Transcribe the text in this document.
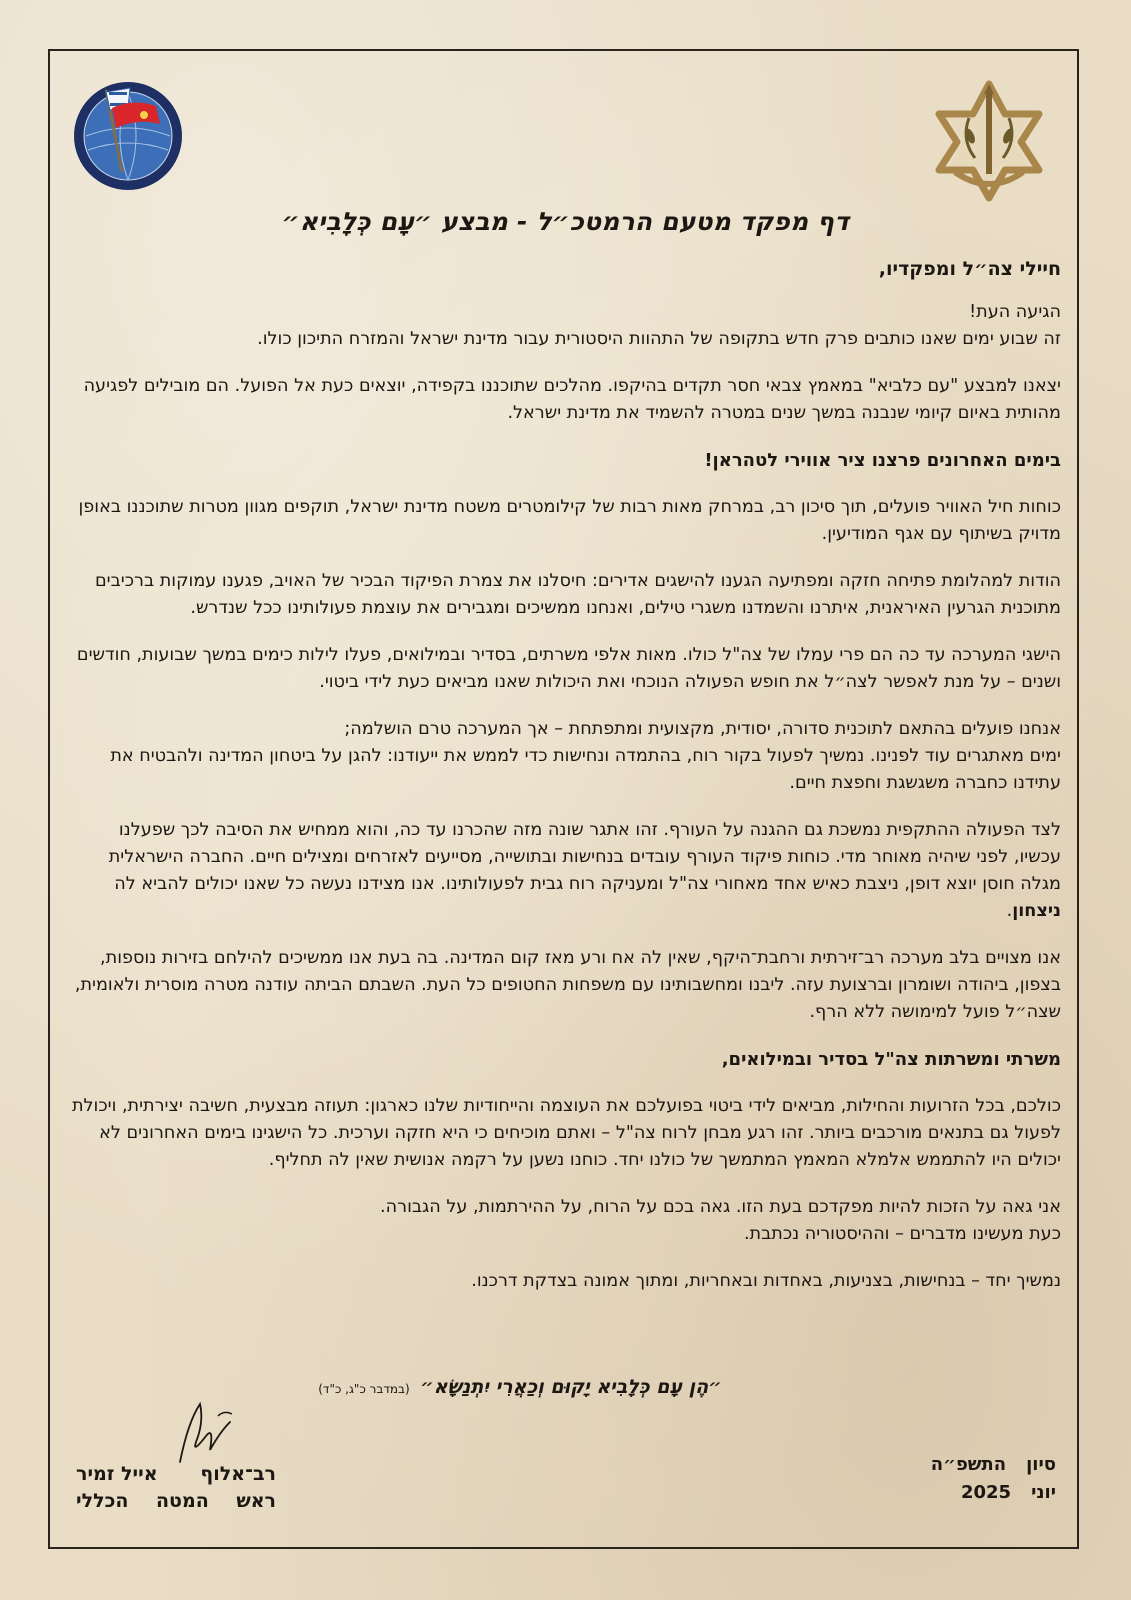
דף מפקד מטעם הרמטכ״ל - מבצע ״עָם כְּלָבִיא״

חיילי צה״ל ומפקדיו,

הגיעה העת!
זה שבוע ימים שאנו כותבים פרק חדש בתקופה של התהוות היסטורית עבור מדינת ישראל והמזרח התיכון כולו.

יצאנו למבצע "עם כלביא" במאמץ צבאי חסר תקדים בהיקפו. מהלכים שתוכננו בקפידה, יוצאים כעת אל הפועל. הם מובילים לפגיעה מהותית באיום קיומי שנבנה במשך שנים במטרה להשמיד את מדינת ישראל.

בימים האחרונים פרצנו ציר אווירי לטהראן!

כוחות חיל האוויר פועלים, תוך סיכון רב, במרחק מאות רבות של קילומטרים משטח מדינת ישראל, תוקפים מגוון מטרות שתוכננו באופן מדויק בשיתוף עם אגף המודיעין.

הודות למהלומת פתיחה חזקה ומפתיעה הגענו להישגים אדירים: חיסלנו את צמרת הפיקוד הבכיר של האויב, פגענו עמוקות ברכיבים מתוכנית הגרעין האיראנית, איתרנו והשמדנו משגרי טילים, ואנחנו ממשיכים ומגבירים את עוצמת פעולותינו ככל שנדרש.

הישגי המערכה עד כה הם פרי עמלו של צה"ל כולו. מאות אלפי משרתים, בסדיר ובמילואים, פעלו לילות כימים במשך שבועות, חודשים ושנים – על מנת לאפשר לצה״ל את חופש הפעולה הנוכחי ואת היכולות שאנו מביאים כעת לידי ביטוי.

אנחנו פועלים בהתאם לתוכנית סדורה, יסודית, מקצועית ומתפתחת – אך המערכה טרם הושלמה;
ימים מאתגרים עוד לפנינו. נמשיך לפעול בקור רוח, בהתמדה ונחישות כדי לממש את ייעודנו: להגן על ביטחון המדינה ולהבטיח את עתידנו כחברה משגשגת וחפצת חיים.

לצד הפעולה ההתקפית נמשכת גם ההגנה על העורף. זהו אתגר שונה מזה שהכרנו עד כה, והוא ממחיש את הסיבה לכך שפעלנו עכשיו, לפני שיהיה מאוחר מדי. כוחות פיקוד העורף עובדים בנחישות ובתושייה, מסייעים לאזרחים ומצילים חיים. החברה הישראלית מגלה חוסן יוצא דופן, ניצבת כאיש אחד מאחורי צה"ל ומעניקה רוח גבית לפעולותינו. אנו מצידנו נעשה כל שאנו יכולים להביא לה ניצחון.

אנו מצויים בלב מערכה רב־זירתית ורחבת־היקף, שאין לה אח ורע מאז קום המדינה. בה בעת אנו ממשיכים להילחם בזירות נוספות, בצפון, ביהודה ושומרון וברצועת עזה. ליבנו ומחשבותינו עם משפחות החטופים כל העת. השבתם הביתה עודנה מטרה מוסרית ולאומית, שצה״ל פועל למימושה ללא הרף.

משרתי ומשרתות צה"ל בסדיר ובמילואים,

כולכם, בכל הזרועות והחילות, מביאים לידי ביטוי בפועלכם את העוצמה והייחודיות שלנו כארגון: תעוזה מבצעית, חשיבה יצירתית, ויכולת לפעול גם בתנאים מורכבים ביותר. זהו רגע מבחן לרוח צה"ל – ואתם מוכיחים כי היא חזקה וערכית. כל הישגינו בימים האחרונים לא יכולים היו להתממש אלמלא המאמץ המתמשך של כולנו יחד. כוחנו נשען על רקמה אנושית שאין לה תחליף.

אני גאה על הזכות להיות מפקדכם בעת הזו. גאה בכם על הרוח, על ההירתמות, על הגבורה.
כעת מעשינו מדברים – וההיסטוריה נכתבת.

נמשיך יחד – בנחישות, בצניעות, באחדות ובאחריות, ומתוך אמונה בצדקת דרכנו.

״הֶן עָם כְּלָבִיא יָקוּם וְכַאֲרִי יִתְנַשָּׂא״ (במדבר כ"ג, כ"ד)
רב־אלוף
אייל זמיר
ראש
המטה
הכללי
סיון
התשפ״ה
יוני
2025
